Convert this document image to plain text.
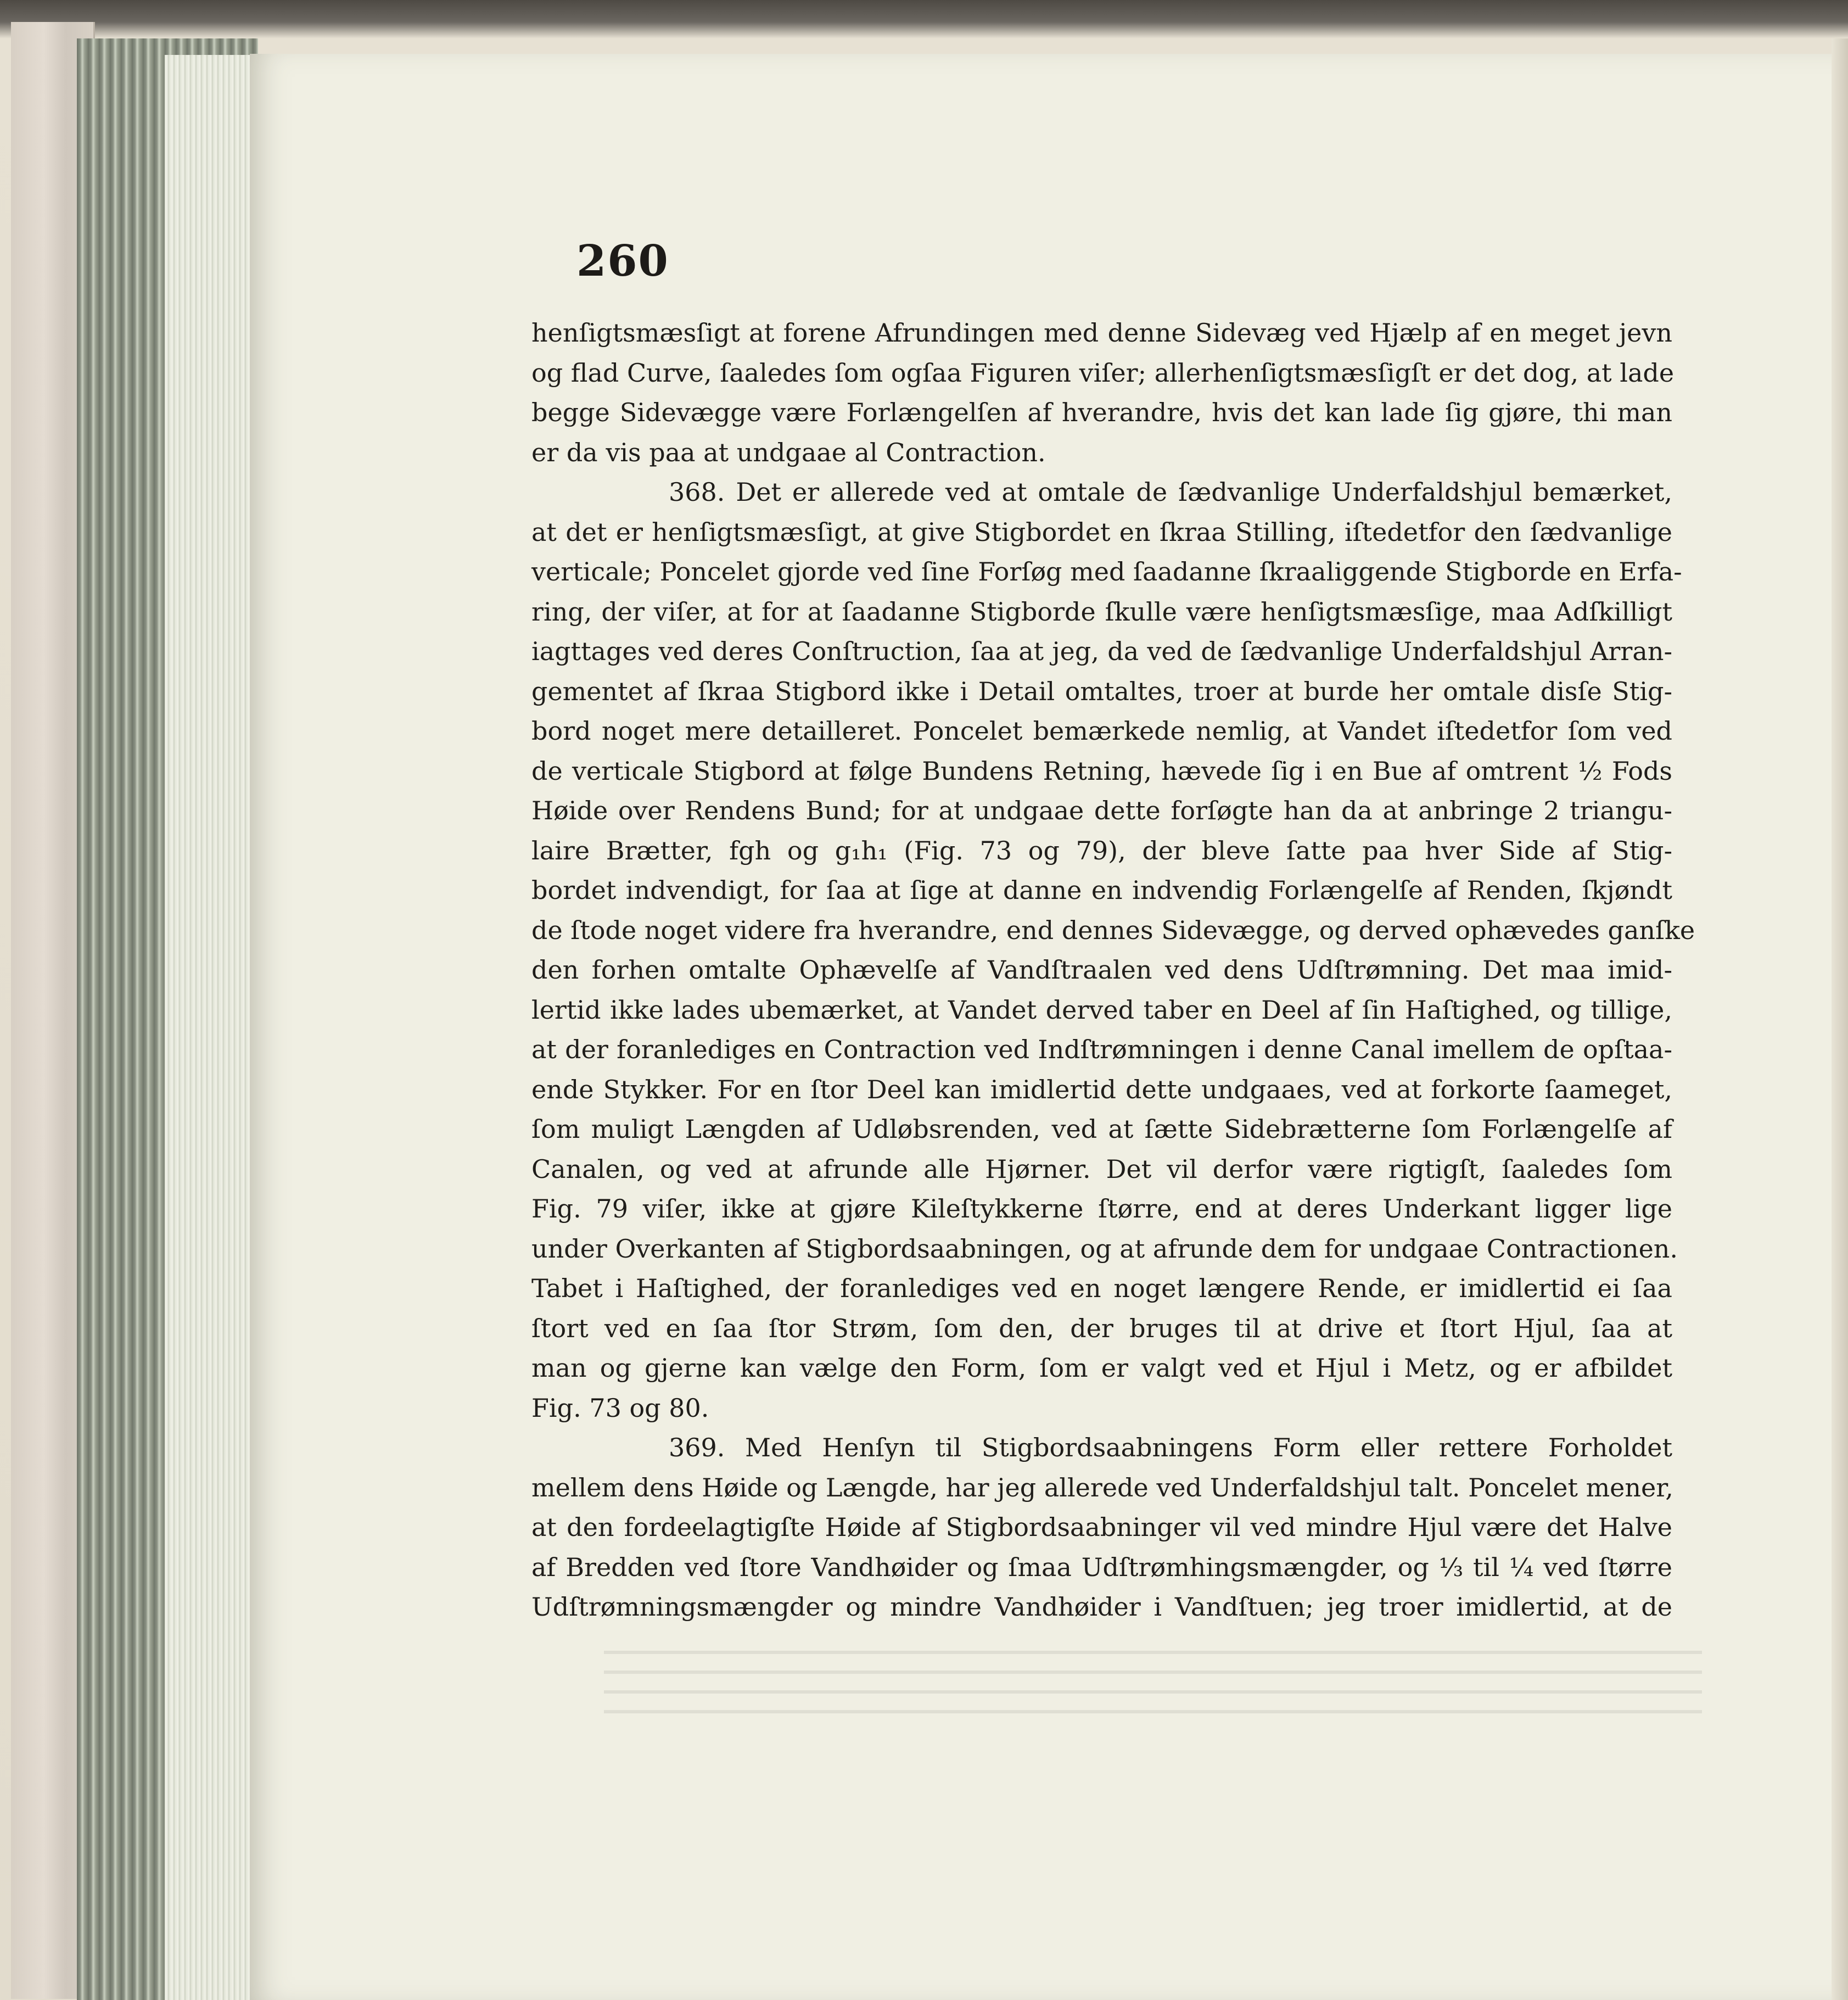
260
henſigtsmæsſigt at forene Afrundingen med denne Sidevæg ved Hjælp af en meget jevn
og flad Curve, ſaaledes ſom ogſaa Figuren viſer; allerhenſigtsmæsſigſt er det dog, at lade
begge Sidevægge være Forlængelſen af hverandre, hvis det kan lade ſig gjøre, thi man
er da vis paa at undgaae al Contraction.
368. Det er allerede ved at omtale de ſædvanlige Underfaldshjul bemærket,
at det er henſigtsmæsſigt, at give Stigbordet en ſkraa Stilling, iſtedetfor den ſædvanlige
verticale; Poncelet gjorde ved ſine Forſøg med ſaadanne ſkraaliggende Stigborde en Erfa-
ring, der viſer, at for at ſaadanne Stigborde ſkulle være henſigtsmæsſige, maa Adſkilligt
iagttages ved deres Conſtruction, ſaa at jeg, da ved de ſædvanlige Underfaldshjul Arran-
gementet af ſkraa Stigbord ikke i Detail omtaltes, troer at burde her omtale disſe Stig-
bord noget mere detailleret. Poncelet bemærkede nemlig, at Vandet iſtedetfor ſom ved
de verticale Stigbord at følge Bundens Retning, hævede ſig i en Bue af omtrent ½ Fods
Høide over Rendens Bund; for at undgaae dette forſøgte han da at anbringe 2 triangu-
laire Brætter, fgh og g₁h₁ (Fig. 73 og 79), der bleve ſatte paa hver Side af Stig-
bordet indvendigt, for ſaa at ſige at danne en indvendig Forlængelſe af Renden, ſkjøndt
de ſtode noget videre fra hverandre, end dennes Sidevægge, og derved ophævedes ganſke
den forhen omtalte Ophævelſe af Vandſtraalen ved dens Udſtrømning. Det maa imid-
lertid ikke lades ubemærket, at Vandet derved taber en Deel af ſin Haſtighed, og tillige,
at der foranlediges en Contraction ved Indſtrømningen i denne Canal imellem de opſtaa-
ende Stykker. For en ſtor Deel kan imidlertid dette undgaaes, ved at forkorte ſaameget,
ſom muligt Længden af Udløbsrenden, ved at ſætte Sidebrætterne ſom Forlængelſe af
Canalen, og ved at afrunde alle Hjørner. Det vil derfor være rigtigſt, ſaaledes ſom
Fig. 79 viſer, ikke at gjøre Kileſtykkerne ſtørre, end at deres Underkant ligger lige
under Overkanten af Stigbordsaabningen, og at afrunde dem for undgaae Contractionen.
Tabet i Haſtighed, der foranlediges ved en noget længere Rende, er imidlertid ei ſaa
ſtort ved en ſaa ſtor Strøm, ſom den, der bruges til at drive et ſtort Hjul, ſaa at
man og gjerne kan vælge den Form, ſom er valgt ved et Hjul i Metz, og er afbildet
Fig. 73 og 80.
369. Med Henſyn til Stigbordsaabningens Form eller rettere Forholdet
mellem dens Høide og Længde, har jeg allerede ved Underfaldshjul talt. Poncelet mener,
at den fordeelagtigſte Høide af Stigbordsaabninger vil ved mindre Hjul være det Halve
af Bredden ved ſtore Vandhøider og ſmaa Udſtrømhingsmængder, og ⅓ til ¼ ved ſtørre
Udſtrømningsmængder og mindre Vandhøider i Vandſtuen; jeg troer imidlertid, at de
